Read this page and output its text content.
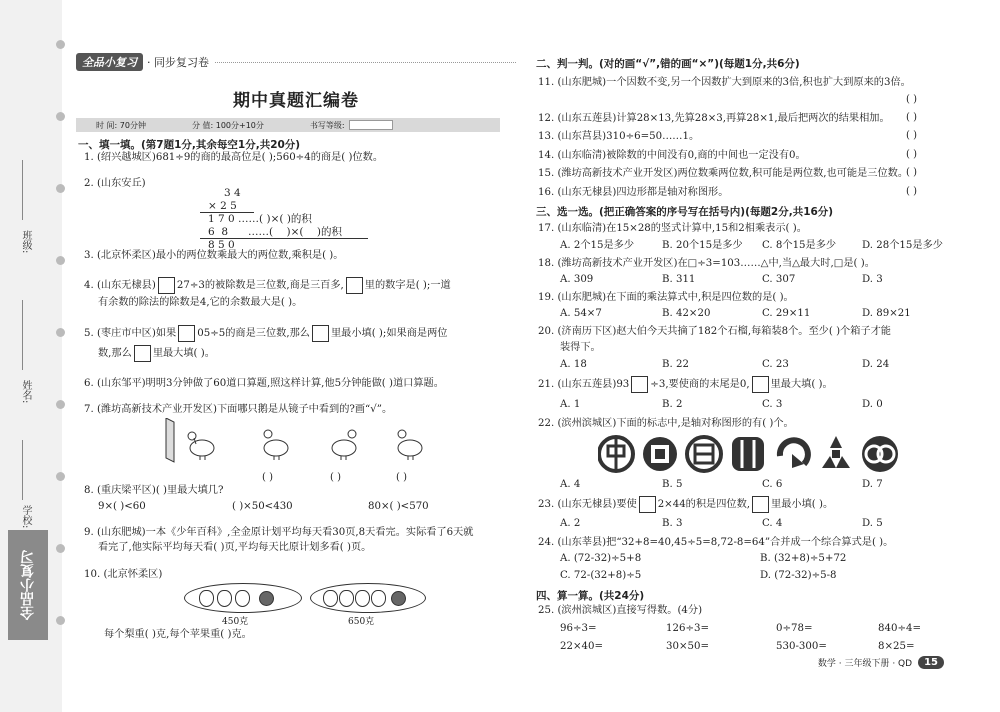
班级:
姓名:
学校:
全品小复习
全品小复习 · 同步复习卷
期中真题汇编卷
时 间: 70分钟	分 值: 100分+10分	书写等级:
一、填一填。(第7题1分,其余每空1分,共20分)
1. (绍兴越城区)681÷9的商的最高位是( );560÷4的商是( )位数。
2. (山东安丘)
3 4
× 2 5
1 7 0 ……( )×( )的积
6  8      ……(    )×(    )的积
8 5 0
3. (北京怀柔区)最小的两位数乘最大的两位数,乘积是( )。
4. (山东无棣县) 27÷3的被除数是三位数,商是三百多, 里的数字是( );一道
有余数的除法的除数是4,它的余数最大是( )。
5. (枣庄市中区)如果 05÷5的商是三位数,那么 里最小填( );如果商是两位
数,那么 里最大填( )。
6. (山东邹平)明明3分钟做了60道口算题,照这样计算,他5分钟能做( )道口算题。
7. (潍坊高新技术产业开发区)下面哪只鹅是从镜子中看到的?画“√”。
( )	( )	( )
8. (重庆梁平区)( )里最大填几?
9×( )<60	( )×50<430	80×( )<570
9. (山东肥城)一本《少年百科》,全金原计划平均每天看30页,8天看完。实际看了6天就
看完了,他实际平均每天看( )页,平均每天比原计划多看( )页。
10. (北京怀柔区)
450克	650克
每个梨重( )克,每个苹果重( )克。
二、判一判。(对的画“√”,错的画“×”)(每题1分,共6分)
11. (山东肥城)一个因数不变,另一个因数扩大到原来的3倍,积也扩大到原来的3倍。
( )
12. (山东五莲县)计算28×13,先算28×3,再算28×1,最后把两次的结果相加。 ( )
13. (山东莒县)310÷6=50……1。	( )
14. (山东临清)被除数的中间没有0,商的中间也一定没有0。	( )
15. (潍坊高新技术产业开发区)两位数乘两位数,积可能是两位数,也可能是三位数。
( )
16. (山东无棣县)四边形都是轴对称图形。	( )
三、选一选。(把正确答案的序号写在括号内)(每题2分,共16分)
17. (山东临清)在15×28的竖式计算中,15和2相乘表示( )。
A. 2个15是多少	B. 20个15是多少 C. 8个15是多少	D. 28个15是多少
18. (潍坊高新技术产业开发区)在□÷3=103……△中,当△最大时,□是( )。
A. 309	B. 311	C. 307	D. 3
19. (山东肥城)在下面的乘法算式中,积是四位数的是( )。
A. 54×7	B. 42×20	C. 29×11	D. 89×21
20. (济南历下区)赵大伯今天共摘了182个石榴,每箱装8个。至少( )个箱子才能
装得下。
A. 18	B. 22	C. 23	D. 24
21. (山东五莲县)93 ÷3,要使商的末尾是0, 里最大填( )。
A. 1	B. 2	C. 3	D. 0
22. (滨州滨城区)下面的标志中,是轴对称图形的有( )个。
A. 4	B. 5	C. 6	D. 7
23. (山东无棣县)要使 2×44的积是四位数, 里最小填( )。
A. 2	B. 3	C. 4	D. 5
24. (山东莘县)把“32+8=40,45÷5=8,72-8=64”合并成一个综合算式是( )。
A. (72-32)÷5+8	B. (32+8)÷5+72
C. 72-(32+8)÷5	D. (72-32)÷5-8
四、算一算。(共24分)
25. (滨州滨城区)直接写得数。(4分)
96÷3=	126÷3=	0÷78=	840÷4=
22×40=	30×50=	530-300=	8×25=
数学 · 三年级下册 · QD	15
